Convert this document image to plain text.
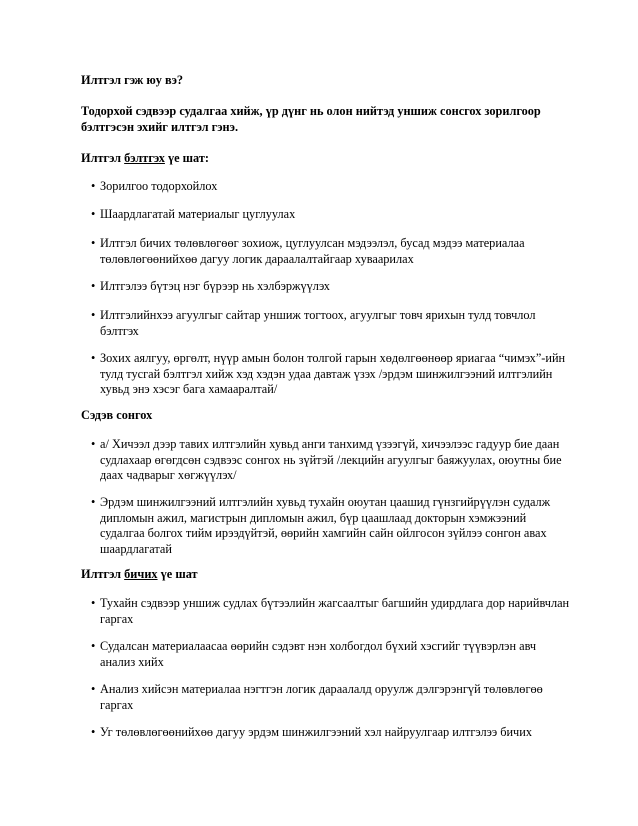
Илтгэл гэж юу вэ?

Тодорхой сэдвээр судалгаа хийж, үр дүнг нь олон нийтэд уншиж сонсгох зорилгоор бэлтгэсэн эхийг илтгэл гэнэ.

Илтгэл бэлтгэх үе шат:

• Зорилгоо тодорхойлох

• Шаардлагатай материалыг цуглуулах

• Илтгэл бичих төлөвлөгөөг зохиож, цуглуулсан мэдээлэл, бусад мэдээ материалаа төлөвлөгөөнийхөө дагуу логик дараалалтайгаар хуваарилах

• Илтгэлээ бүтэц нэг бүрээр нь хэлбэржүүлэх

• Илтгэлийнхээ агуулгыг сайтар уншиж тогтоох, агуулгыг товч ярихын тулд товчлол бэлтгэх

• Зохих аялгуу, өргөлт, нүүр амын болон толгой гарын хөдөлгөөнөөр яриагаа “чимэх”-ийн тулд тусгай бэлтгэл хийж хэд хэдэн удаа давтаж үзэх /эрдэм шинжилгээний илтгэлийн хувьд энэ хэсэг бага хамааралтай/

Сэдэв сонгох

• а/ Хичээл дээр тавих илтгэлийн хувьд анги танхимд үзээгүй, хичээлээс гадуур бие даан судлахаар өгөгдсөн сэдвээс сонгох нь зүйтэй /лекцийн агуулгыг баяжуулах, оюутны бие даах чадварыг хөгжүүлэх/

• Эрдэм шинжилгээний илтгэлийн хувьд тухайн оюутан цаашид гүнзгийрүүлэн судалж дипломын ажил, магистрын дипломын ажил, бүр цаашлаад докторын хэмжээний судалгаа болгох тийм ирээдүйтэй, өөрийн хамгийн сайн ойлгосон зүйлээ сонгон авах шаардлагатай

Илтгэл бичих үе шат

• Тухайн сэдвээр уншиж судлах бүтээлийн жагсаалтыг багшийн удирдлага дор нарийвчлан гаргах

• Судалсан материалаасаа өөрийн сэдэвт нэн холбогдол бүхий хэсгийг түүвэрлэн авч анализ хийх

• Анализ хийсэн материалаа нэгтгэн логик дараалалд оруулж дэлгэрэнгүй төлөвлөгөө гаргах

• Уг төлөвлөгөөнийхөө дагуу эрдэм шинжилгээний хэл найруулгаар илтгэлээ бичих
